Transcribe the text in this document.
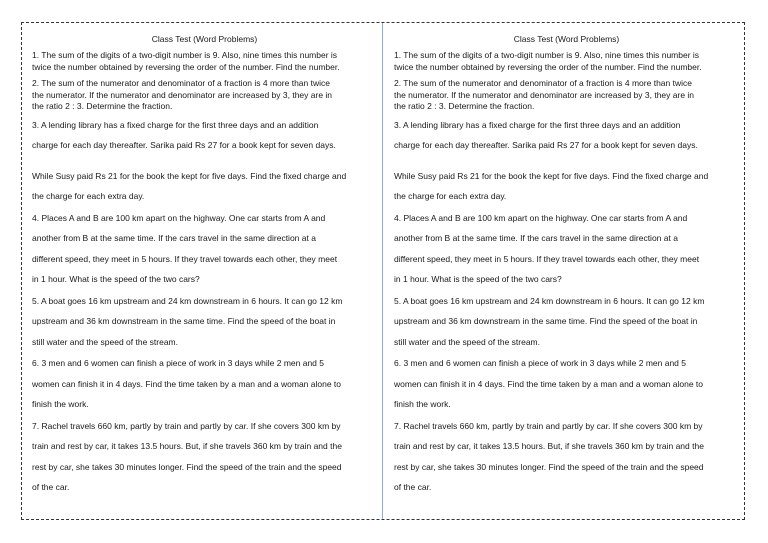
Class Test (Word Problems)

1. The sum of the digits of a two-digit number is 9. Also, nine times this number is
twice the number obtained by reversing the order of the number. Find the number.

2. The sum of the numerator and denominator of a fraction is 4 more than twice
the numerator. If the numerator and denominator are increased by 3, they are in
the ratio 2 : 3. Determine the fraction.

3. A lending library has a fixed charge for the first three days and an addition
charge for each day thereafter. Sarika paid Rs 27 for a book kept for seven days.

While Susy paid Rs 21 for the book the kept for five days. Find the fixed charge and
the charge for each extra day.

4. Places A and B are 100 km apart on the highway. One car starts from A and
another from B at the same time. If the cars travel in the same direction at a
different speed, they meet in 5 hours. If they travel towards each other, they meet
in 1 hour. What is the speed of the two cars?

5. A boat goes 16 km upstream and 24 km downstream in 6 hours. It can go 12 km
upstream and 36 km downstream in the same time. Find the speed of the boat in
still water and the speed of the stream.

6. 3 men and 6 women can finish a piece of work in 3 days while 2 men and 5
women can finish it in 4 days. Find the time taken by a man and a woman alone to
finish the work.

7. Rachel travels 660 km, partly by train and partly by car. If she covers 300 km by
train and rest by car, it takes 13.5 hours. But, if she travels 360 km by train and the
rest by car, she takes 30 minutes longer. Find the speed of the train and the speed
of the car.

Class Test (Word Problems)

1. The sum of the digits of a two-digit number is 9. Also, nine times this number is
twice the number obtained by reversing the order of the number. Find the number.

2. The sum of the numerator and denominator of a fraction is 4 more than twice
the numerator. If the numerator and denominator are increased by 3, they are in
the ratio 2 : 3. Determine the fraction.

3. A lending library has a fixed charge for the first three days and an addition
charge for each day thereafter. Sarika paid Rs 27 for a book kept for seven days.

While Susy paid Rs 21 for the book the kept for five days. Find the fixed charge and
the charge for each extra day.

4. Places A and B are 100 km apart on the highway. One car starts from A and
another from B at the same time. If the cars travel in the same direction at a
different speed, they meet in 5 hours. If they travel towards each other, they meet
in 1 hour. What is the speed of the two cars?

5. A boat goes 16 km upstream and 24 km downstream in 6 hours. It can go 12 km
upstream and 36 km downstream in the same time. Find the speed of the boat in
still water and the speed of the stream.

6. 3 men and 6 women can finish a piece of work in 3 days while 2 men and 5
women can finish it in 4 days. Find the time taken by a man and a woman alone to
finish the work.

7. Rachel travels 660 km, partly by train and partly by car. If she covers 300 km by
train and rest by car, it takes 13.5 hours. But, if she travels 360 km by train and the
rest by car, she takes 30 minutes longer. Find the speed of the train and the speed
of the car.
